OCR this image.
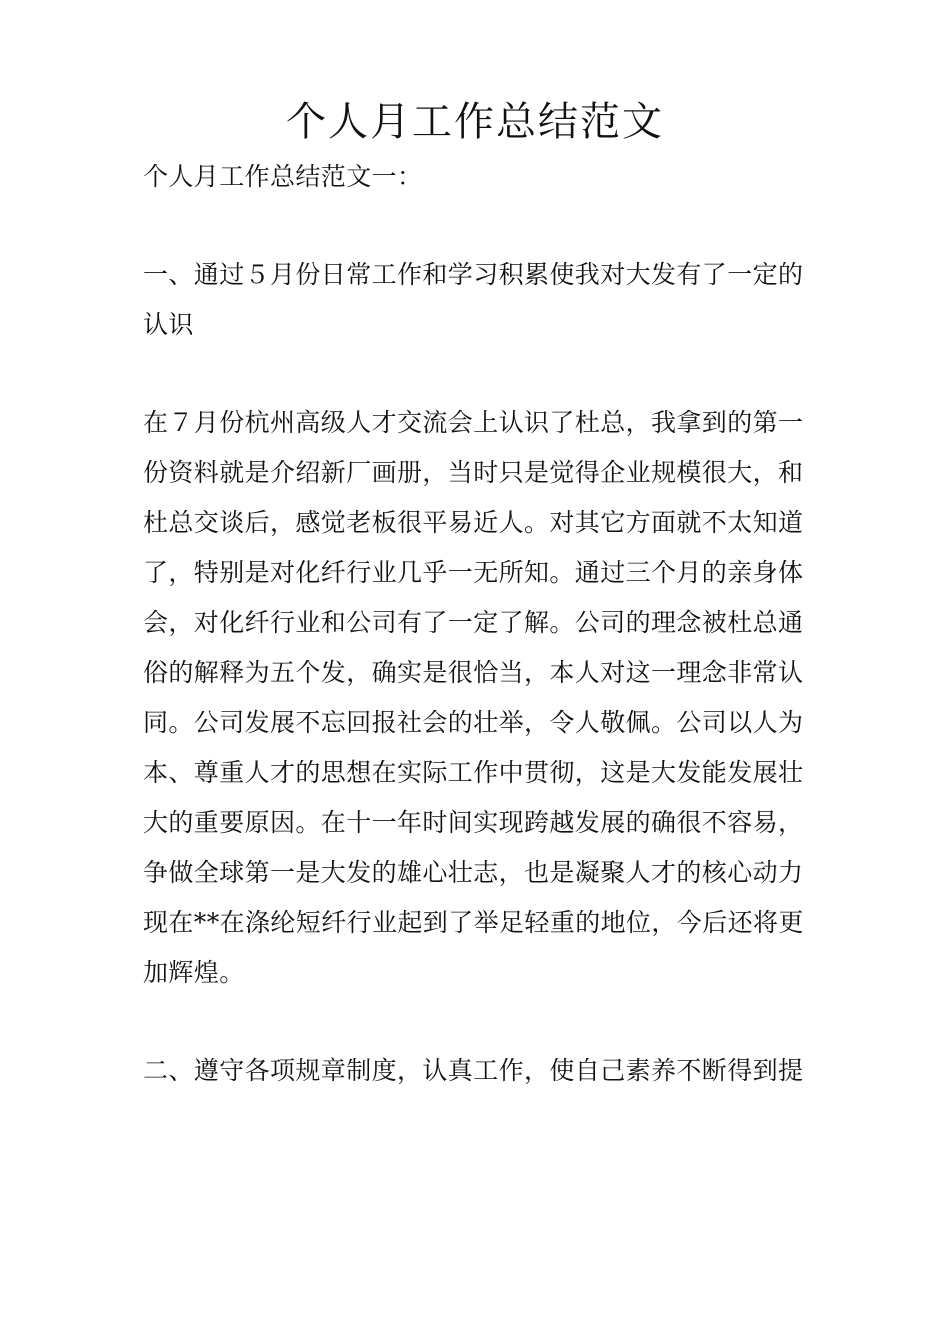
个人月工作总结范文
个人月工作总结范文一：
一、通过５月份日常工作和学习积累使我对大发有了一定的
认识
在７月份杭州高级人才交流会上认识了杜总，我拿到的第一
份资料就是介绍新厂画册，当时只是觉得企业规模很大，和
杜总交谈后，感觉老板很平易近人。对其它方面就不太知道
了，特别是对化纤行业几乎一无所知。通过三个月的亲身体
会，对化纤行业和公司有了一定了解。公司的理念被杜总通
俗的解释为五个发，确实是很恰当，本人对这一理念非常认
同。公司发展不忘回报社会的壮举，令人敬佩。公司以人为
本、尊重人才的思想在实际工作中贯彻，这是大发能发展壮
大的重要原因。在十一年时间实现跨越发展的确很不容易，
争做全球第一是大发的雄心壮志，也是凝聚人才的核心动力
现在**在涤纶短纤行业起到了举足轻重的地位，今后还将更
加辉煌。
二、遵守各项规章制度，认真工作，使自己素养不断得到提
